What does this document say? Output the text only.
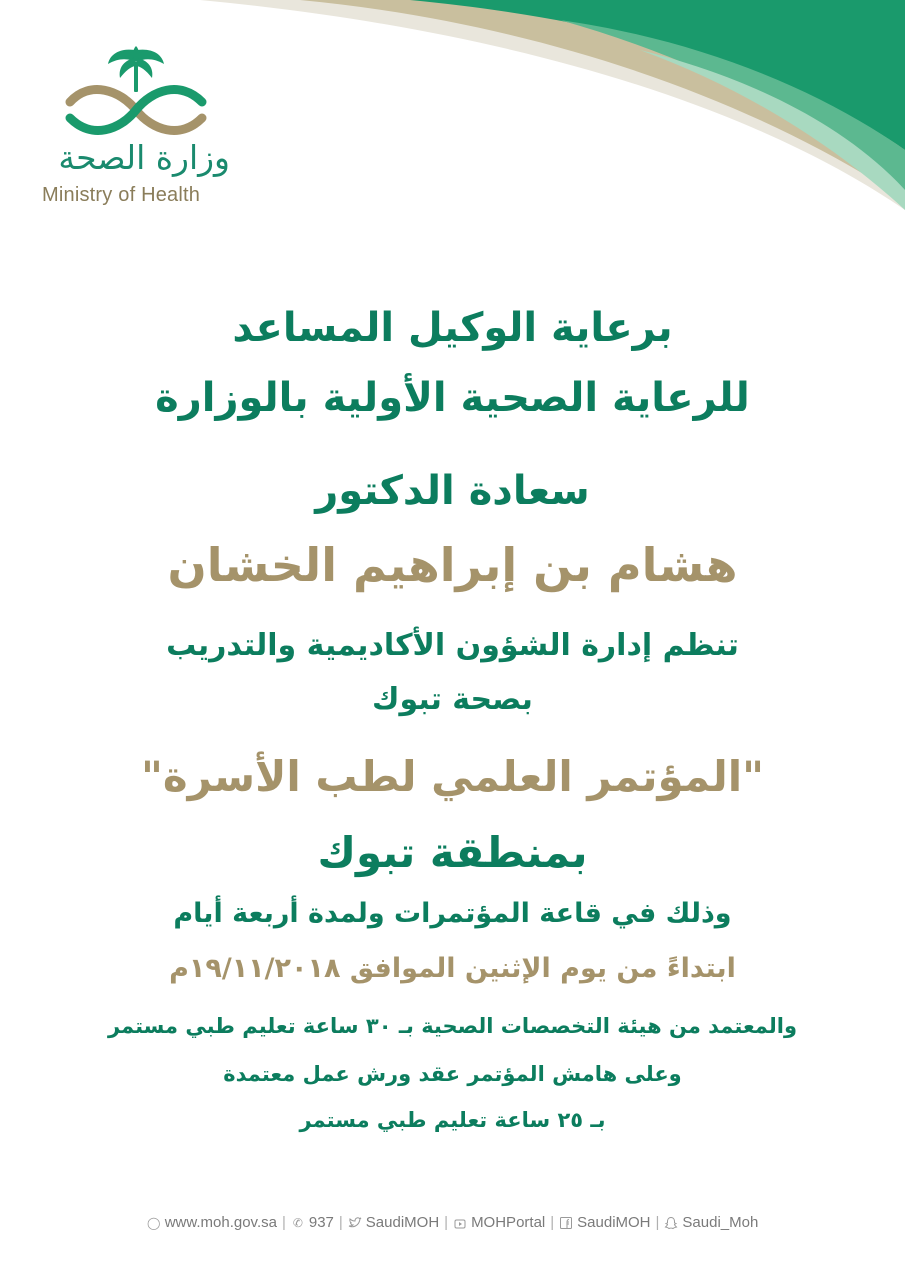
وزارة الصحة
Ministry of Health
برعاية الوكيل المساعد
للرعاية الصحية الأولية بالوزارة
سعادة الدكتور
هشام بن إبراهيم الخشان
تنظم إدارة الشؤون الأكاديمية والتدريب
بصحة تبوك
"المؤتمر العلمي لطب الأسرة"
بمنطقة تبوك
وذلك في قاعة المؤتمرات ولمدة أربعة أيام
ابتداءً من يوم الإثنين الموافق ١٩/١١/٢٠١٨م
والمعتمد من هيئة التخصصات الصحية بـ ٣٠ ساعة تعليم طبي مستمر
وعلى هامش المؤتمر عقد ورش عمل معتمدة
بـ ٢٥ ساعة تعليم طبي مستمر
◯ www.moh.gov.sa | ✆ 937 | SaudiMOH | MOHPortal | SaudiMOH | Saudi_Moh
